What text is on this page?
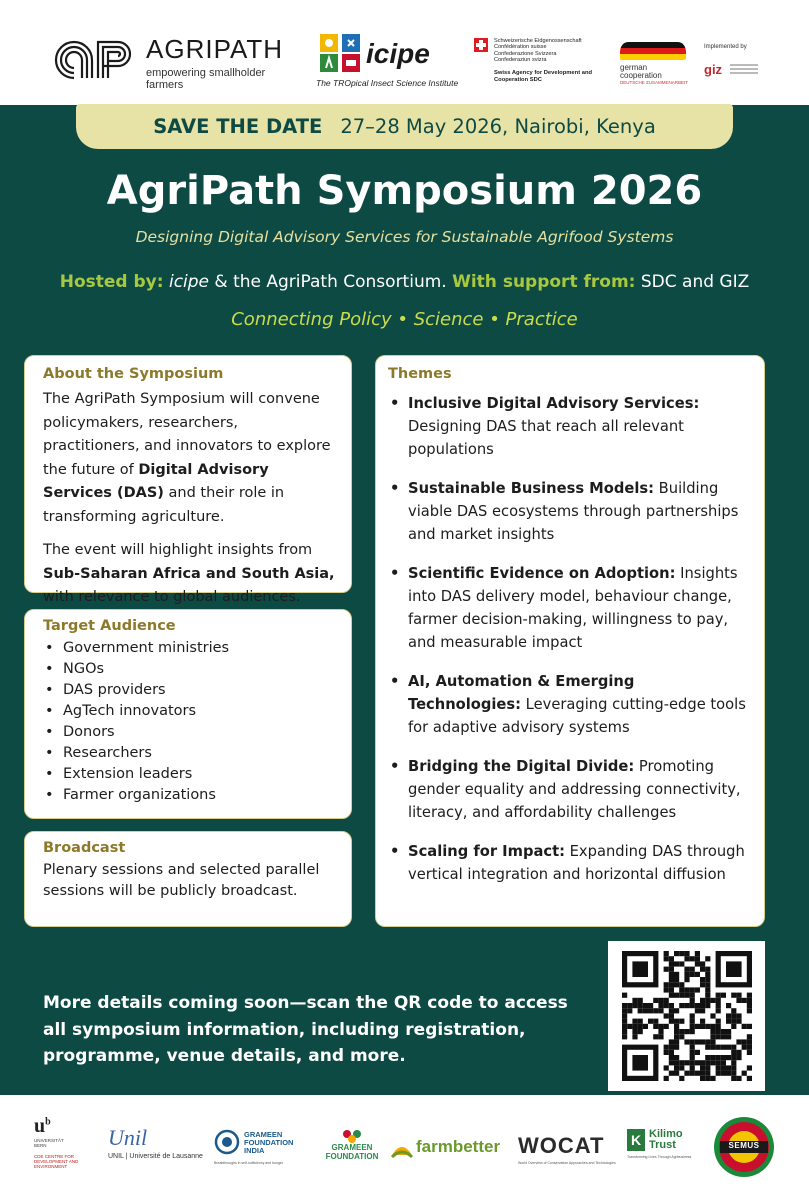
AGRIPATH
empowering smallholder farmers
icipe
The TROpical Insect Science Institute
Schweizerische Eidgenossenschaft
Confédération suisse
Confederazione Svizzera
Confederaziun svizra
Swiss Agency for Development and Cooperation SDC
german
cooperation
DEUTSCHE ZUSAMMENARBEIT
Implemented by
giz
SAVE THE DATE 27–28 May 2026, Nairobi, Kenya
AgriPath Symposium 2026
Designing Digital Advisory Services for Sustainable Agrifood Systems
Hosted by: icipe & the AgriPath Consortium. With support from: SDC and GIZ
Connecting Policy • Science • Practice
About the Symposium

The AgriPath Symposium will convene policymakers, researchers, practitioners, and innovators to explore the future of Digital Advisory Services (DAS) and their role in transforming agriculture.

The event will highlight insights from Sub-Saharan Africa and South Asia, with relevance to global audiences.

Target Audience
• Government ministries
• NGOs
• DAS providers
• AgTech innovators
• Donors
• Researchers
• Extension leaders
• Farmer organizations
Broadcast

Plenary sessions and selected parallel sessions will be publicly broadcast.

Themes
• Inclusive Digital Advisory Services: Designing DAS that reach all relevant populations
• Sustainable Business Models: Building viable DAS ecosystems through partnerships and market insights
• Scientific Evidence on Adoption: Insights into DAS delivery model, behaviour change, farmer decision-making, willingness to pay, and measurable impact
• AI, Automation & Emerging Technologies: Leveraging cutting-edge tools for adaptive advisory systems
• Bridging the Digital Divide: Promoting gender equality and addressing connectivity, literacy, and affordability challenges
• Scaling for Impact: Expanding DAS through vertical integration and horizontal diffusion
More details coming soon—scan the QR code to access all symposium information, including registration, programme, venue details, and more.
$u^b$
UNIVERSITÄT BERN
CDE CENTRE FOR DEVELOPMENT AND ENVIRONMENT
Unil
UNIL | Université de Lausanne
GRAMEEN FOUNDATION INDIA
Breakthroughs in self-sufficiency and hunger
GRAMEEN FOUNDATION
farmbetter WOCAT
World Overview of Conservation Approaches and Technologies
K Kilimo Trust
Transforming Lives Through Agribusiness
SEMUS
